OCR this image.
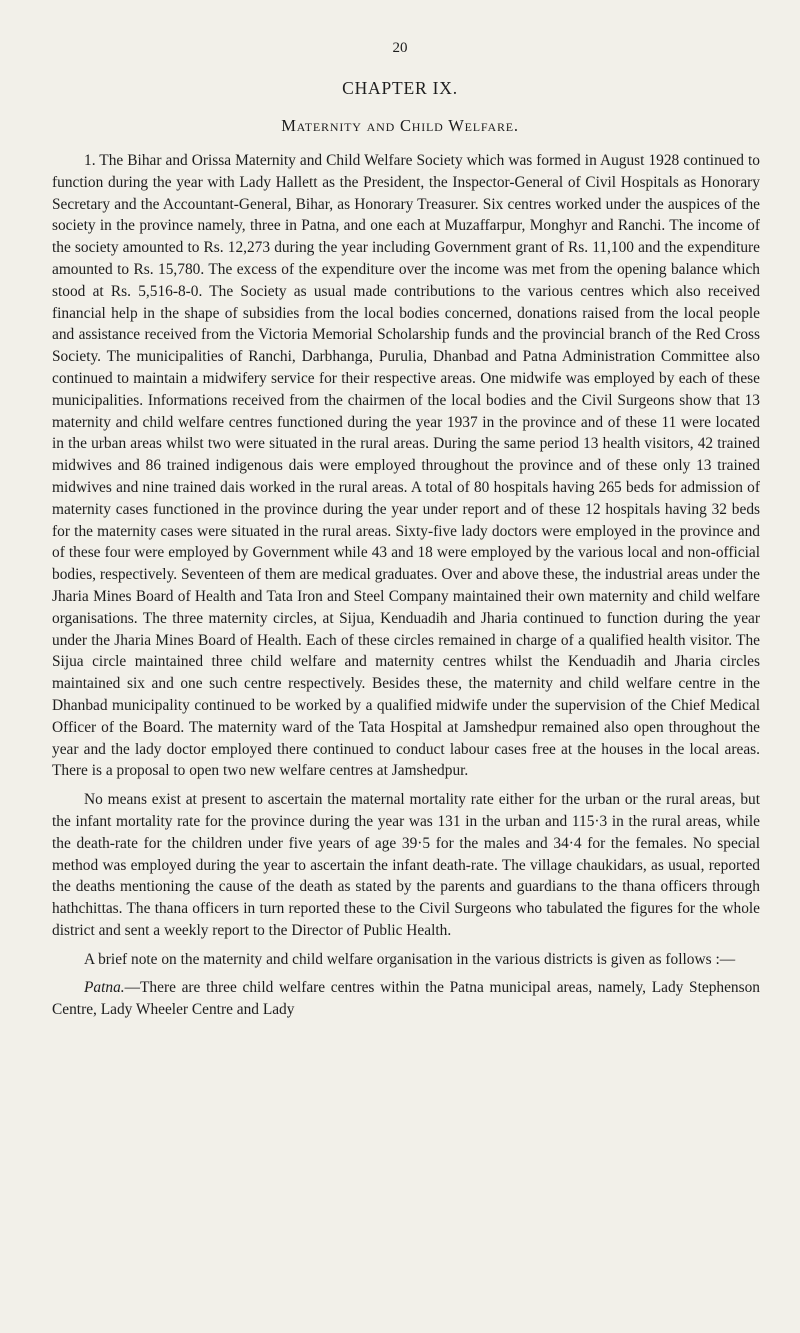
20
CHAPTER IX.
Maternity and Child Welfare.

1. The Bihar and Orissa Maternity and Child Welfare Society which was formed in August 1928 continued to function during the year with Lady Hallett as the President, the Inspector-General of Civil Hospitals as Honorary Secretary and the Accountant-General, Bihar, as Honorary Treasurer. Six centres worked under the auspices of the society in the province namely, three in Patna, and one each at Muzaffarpur, Monghyr and Ranchi. The income of the society amounted to Rs. 12,273 during the year including Government grant of Rs. 11,100 and the expenditure amounted to Rs. 15,780. The excess of the expenditure over the income was met from the opening balance which stood at Rs. 5,516-8-0. The Society as usual made contributions to the various centres which also received financial help in the shape of subsidies from the local bodies concerned, donations raised from the local people and assistance received from the Victoria Memorial Scholarship funds and the provincial branch of the Red Cross Society. The municipalities of Ranchi, Darbhanga, Purulia, Dhanbad and Patna Administration Committee also continued to maintain a midwifery service for their respective areas. One midwife was employed by each of these municipalities. Informations received from the chairmen of the local bodies and the Civil Surgeons show that 13 maternity and child welfare centres functioned during the year 1937 in the province and of these 11 were located in the urban areas whilst two were situated in the rural areas. During the same period 13 health visitors, 42 trained midwives and 86 trained indigenous dais were employed throughout the province and of these only 13 trained midwives and nine trained dais worked in the rural areas. A total of 80 hospitals having 265 beds for admission of maternity cases functioned in the province during the year under report and of these 12 hospitals having 32 beds for the maternity cases were situated in the rural areas. Sixty-five lady doctors were employed in the province and of these four were employed by Government while 43 and 18 were employed by the various local and non-official bodies, respectively. Seventeen of them are medical graduates. Over and above these, the industrial areas under the Jharia Mines Board of Health and Tata Iron and Steel Company maintained their own maternity and child welfare organisations. The three maternity circles, at Sijua, Kenduadih and Jharia continued to function during the year under the Jharia Mines Board of Health. Each of these circles remained in charge of a qualified health visitor. The Sijua circle maintained three child welfare and maternity centres whilst the Kenduadih and Jharia circles maintained six and one such centre respectively. Besides these, the maternity and child welfare centre in the Dhanbad municipality continued to be worked by a qualified midwife under the supervision of the Chief Medical Officer of the Board. The maternity ward of the Tata Hospital at Jamshedpur remained also open throughout the year and the lady doctor employed there continued to conduct labour cases free at the houses in the local areas. There is a proposal to open two new welfare centres at Jamshedpur.

No means exist at present to ascertain the maternal mortality rate either for the urban or the rural areas, but the infant mortality rate for the province during the year was 131 in the urban and 115·3 in the rural areas, while the death-rate for the children under five years of age 39·5 for the males and 34·4 for the females. No special method was employed during the year to ascertain the infant death-rate. The village chaukidars, as usual, reported the deaths mentioning the cause of the death as stated by the parents and guardians to the thana officers through hathchittas. The thana officers in turn reported these to the Civil Surgeons who tabulated the figures for the whole district and sent a weekly report to the Director of Public Health.

A brief note on the maternity and child welfare organisation in the various districts is given as follows :—

Patna.—There are three child welfare centres within the Patna municipal areas, namely, Lady Stephenson Centre, Lady Wheeler Centre and Lady
